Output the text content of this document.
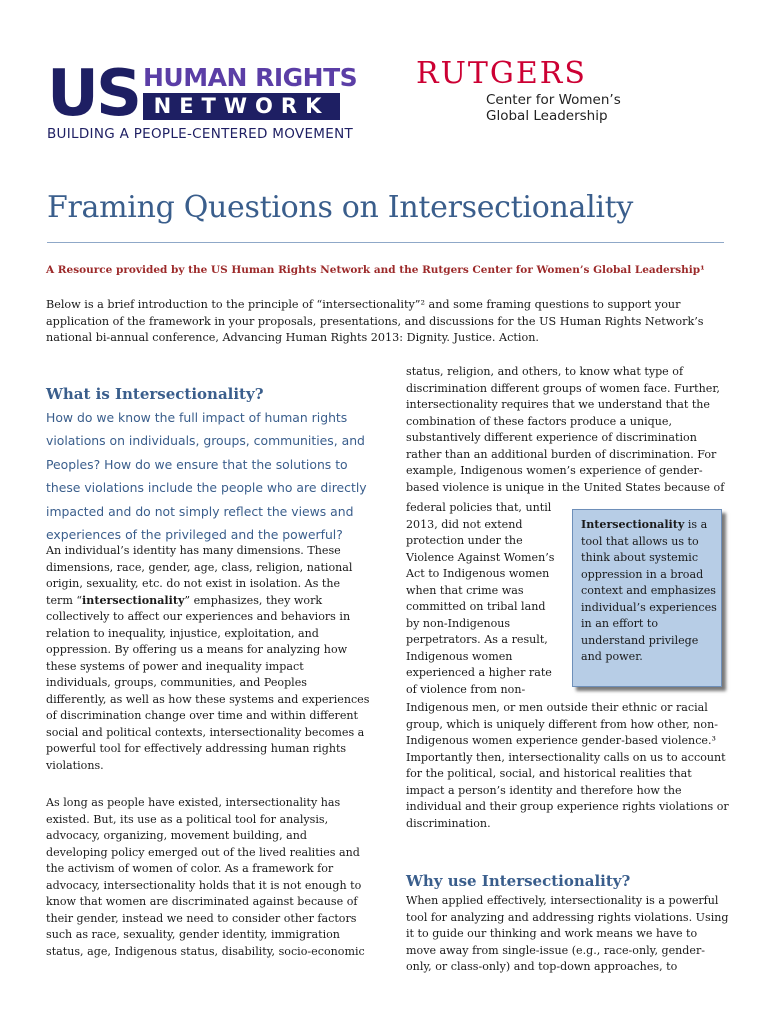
US HUMAN RIGHTS
NETWORK
BUILDING A PEOPLE-CENTERED MOVEMENT
RUTGERS
Center for Women’s
Global Leadership
Framing Questions on Intersectionality
A Resource provided by the US Human Rights Network and the Rutgers Center for Women’s Global Leadership¹
Below is a brief introduction to the principle of “intersectionality”² and some framing questions to support your
application of the framework in your proposals, presentations, and discussions for the US Human Rights Network’s
national bi-annual conference, Advancing Human Rights 2013: Dignity. Justice. Action.
What is Intersectionality?
How do we know the full impact of human rights
violations on individuals, groups, communities, and
Peoples? How do we ensure that the solutions to
these violations include the people who are directly
impacted and do not simply reflect the views and
experiences of the privileged and the powerful?
An individual’s identity has many dimensions. These
dimensions, race, gender, age, class, religion, national
origin, sexuality, etc. do not exist in isolation. As the
term “intersectionality” emphasizes, they work
collectively to affect our experiences and behaviors in
relation to inequality, injustice, exploitation, and
oppression. By offering us a means for analyzing how
these systems of power and inequality impact
individuals, groups, communities, and Peoples
differently, as well as how these systems and experiences
of discrimination change over time and within different
social and political contexts, intersectionality becomes a
powerful tool for effectively addressing human rights
violations.
As long as people have existed, intersectionality has
existed. But, its use as a political tool for analysis,
advocacy, organizing, movement building, and
developing policy emerged out of the lived realities and
the activism of women of color. As a framework for
advocacy, intersectionality holds that it is not enough to
know that women are discriminated against because of
their gender, instead we need to consider other factors
such as race, sexuality, gender identity, immigration
status, age, Indigenous status, disability, socio-economic
status, religion, and others, to know what type of
discrimination different groups of women face. Further,
intersectionality requires that we understand that the
combination of these factors produce a unique,
substantively different experience of discrimination
rather than an additional burden of discrimination. For
example, Indigenous women’s experience of gender-
based violence is unique in the United States because of
federal policies that, until
2013, did not extend
protection under the
Violence Against Women’s
Act to Indigenous women
when that crime was
committed on tribal land
by non-Indigenous
perpetrators. As a result,
Indigenous women
experienced a higher rate
of violence from non-
Intersectionality is a
tool that allows us to
think about systemic
oppression in a broad
context and emphasizes
individual’s experiences
in an effort to
understand privilege
and power.
Indigenous men, or men outside their ethnic or racial
group, which is uniquely different from how other, non-
Indigenous women experience gender-based violence.³
Importantly then, intersectionality calls on us to account
for the political, social, and historical realities that
impact a person’s identity and therefore how the
individual and their group experience rights violations or
discrimination.
Why use Intersectionality?
When applied effectively, intersectionality is a powerful
tool for analyzing and addressing rights violations. Using
it to guide our thinking and work means we have to
move away from single-issue (e.g., race-only, gender-
only, or class-only) and top-down approaches, to
